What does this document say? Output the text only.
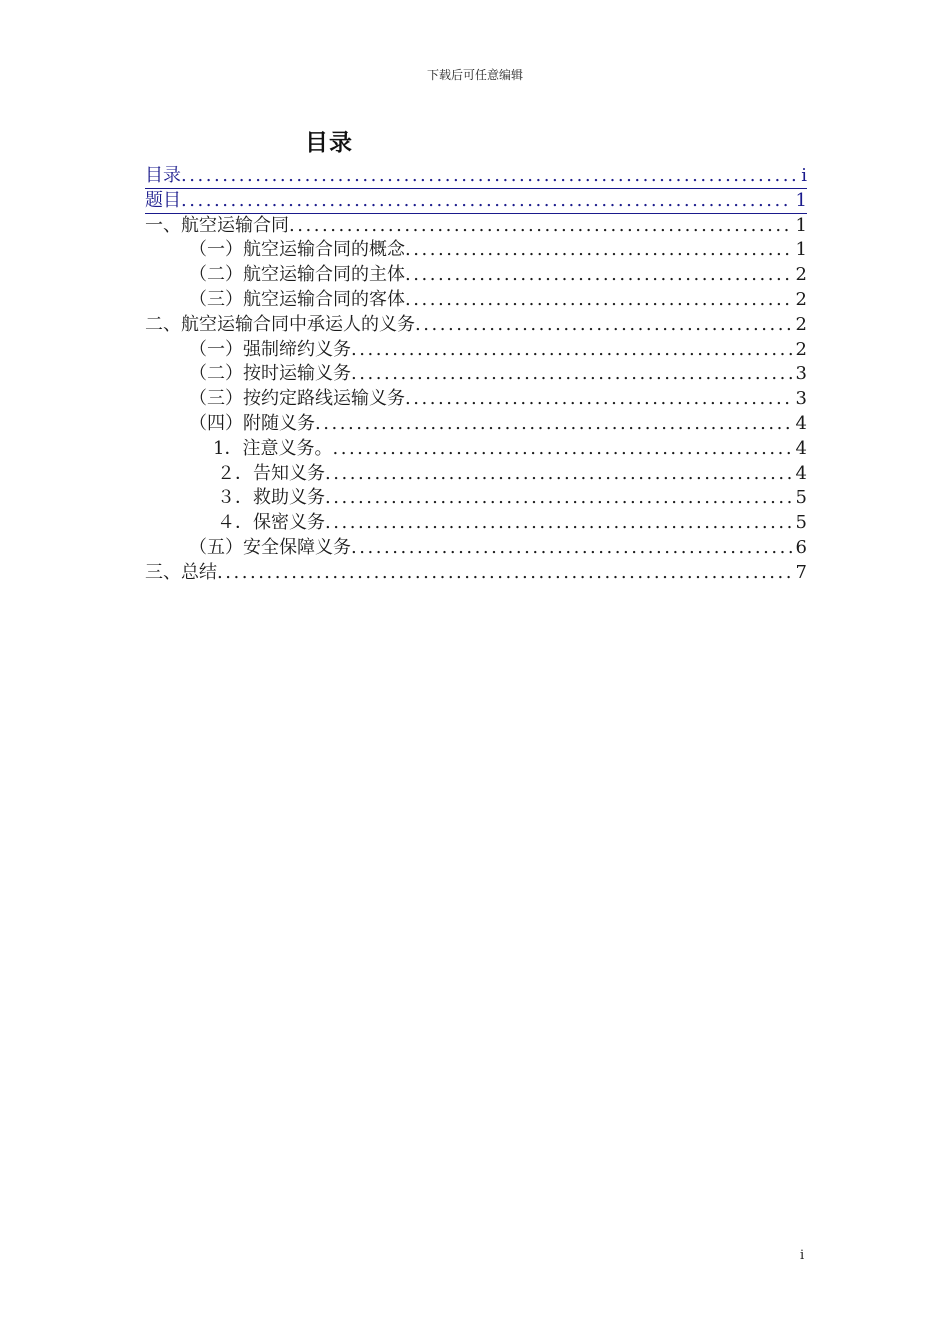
下载后可任意编辑
目录
目录 . . .	i
题目 . . .	1
一、航空运输合同 . . .	1
（一）航空运输合同的概念 . . .	1
（二）航空运输合同的主体 . . .	2
（三）航空运输合同的客体 . . .	2
二、航空运输合同中承运人的义务 . . .	2
（一）强制缔约义务 . . .	2
（二）按时运输义务 . . .	3
（三）按约定路线运输义务 . . .	3
（四）附随义务 . . .	4
1．注意义务。 . . .	4
２．告知义务 . . .	4
３．救助义务 . . .	5
４．保密义务 . . .	5
（五）安全保障义务 . . .	6
三、总结 . . .	7
i
